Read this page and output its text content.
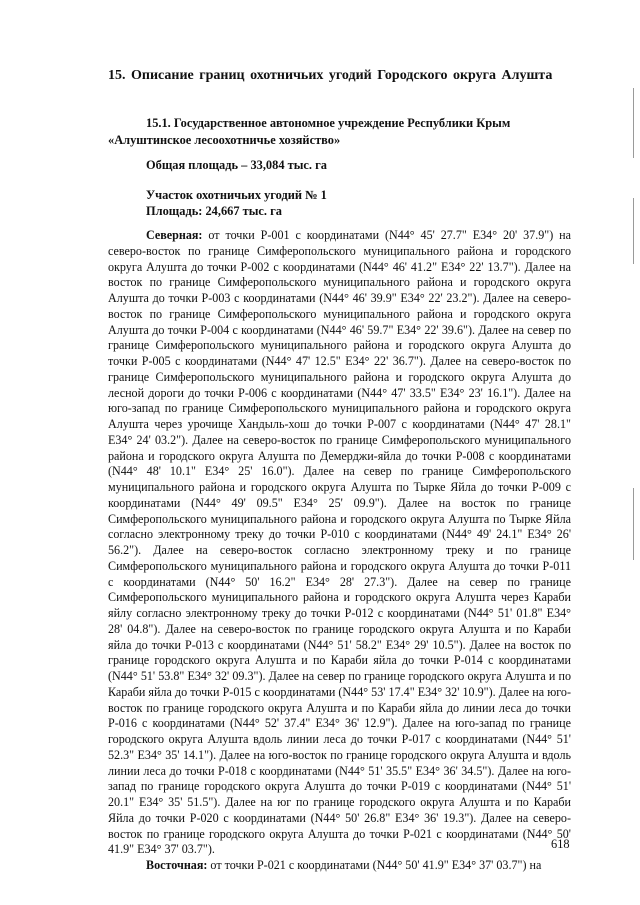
15. Описание границ охотничьих угодий Городского округа Алушта
15.1. Государственное автономное учреждение Республики Крым «Алуштинское лесоохотничье хозяйство»
Общая площадь – 33,084 тыс. га
Участок охотничьих угодий № 1
Площадь: 24,667 тыс. га

Северная: от точки Р-001 с координатами (N44° 45' 27.7" E34° 20' 37.9") на северо-восток по границе Симферопольского муниципального района и городского округа Алушта до точки Р-002 с координатами (N44° 46' 41.2" E34° 22' 13.7"). Далее на восток по границе Симферопольского муниципального района и городского округа Алушта до точки Р-003 с координатами (N44° 46' 39.9" E34° 22' 23.2"). Далее на северо-восток по границе Симферопольского муниципального района и городского округа Алушта до точки Р-004 с координатами (N44° 46' 59.7" E34° 22' 39.6"). Далее на север по границе Симферопольского муниципального района и городского округа Алушта до точки Р-005 с координатами (N44° 47' 12.5" E34° 22' 36.7"). Далее на северо-восток по границе Симферопольского муниципального района и городского округа Алушта до лесной дороги до точки Р-006 с координатами (N44° 47' 33.5" E34° 23' 16.1"). Далее на юго-запад по границе Симферопольского муниципального района и городского округа Алушта через урочище Хандыль-хош до точки Р-007 с координатами (N44° 47' 28.1" E34° 24' 03.2"). Далее на северо-восток по границе Симферопольского муниципального района и городского округа Алушта по Демерджи-яйла до точки Р-008 с координатами (N44° 48' 10.1" E34° 25' 16.0"). Далее на север по границе Симферопольского муниципального района и городского округа Алушта по Тырке Яйла до точки Р-009 с координатами (N44° 49' 09.5" E34° 25' 09.9"). Далее на восток по границе Симферопольского муниципального района и городского округа Алушта по Тырке Яйла согласно электронному треку до точки Р-010 с координатами (N44° 49' 24.1" E34° 26' 56.2"). Далее на северо-восток согласно электронному треку и по границе Симферопольского муниципального района и городского округа Алушта до точки Р-011 с координатами (N44° 50' 16.2" E34° 28' 27.3"). Далее на север по границе Симферопольского муниципального района и городского округа Алушта через Караби яйлу согласно электронному треку до точки Р-012 с координатами (N44° 51' 01.8" E34° 28' 04.8"). Далее на северо-восток по границе городского округа Алушта и по Караби яйла до точки Р-013 с координатами (N44° 51' 58.2" E34° 29' 10.5"). Далее на восток по границе городского округа Алушта и по Караби яйла до точки Р-014 с координатами (N44° 51' 53.8" E34° 32' 09.3"). Далее на север по границе городского округа Алушта и по Караби яйла до точки Р-015 с координатами (N44° 53' 17.4" E34° 32' 10.9"). Далее на юго-восток по границе городского округа Алушта и по Караби яйла до линии леса до точки Р-016 с координатами (N44° 52' 37.4" E34° 36' 12.9"). Далее на юго-запад по границе городского округа Алушта вдоль линии леса до точки Р-017 с координатами (N44° 51' 52.3" E34° 35' 14.1"). Далее на юго-восток по границе городского округа Алушта и вдоль линии леса до точки Р-018 с координатами (N44° 51' 35.5" E34° 36' 34.5"). Далее на юго-запад по границе городского округа Алушта до точки Р-019 с координатами (N44° 51' 20.1" E34° 35' 51.5"). Далее на юг по границе городского округа Алушта и по Караби Яйла до точки Р-020 с координатами (N44° 50' 26.8" E34° 36' 19.3"). Далее на северо-восток по границе городского округа Алушта до точки Р-021 с координатами (N44° 50' 41.9" E34° 37' 03.7").

Восточная: от точки Р-021 с координатами (N44° 50' 41.9" E34° 37' 03.7") на

618
